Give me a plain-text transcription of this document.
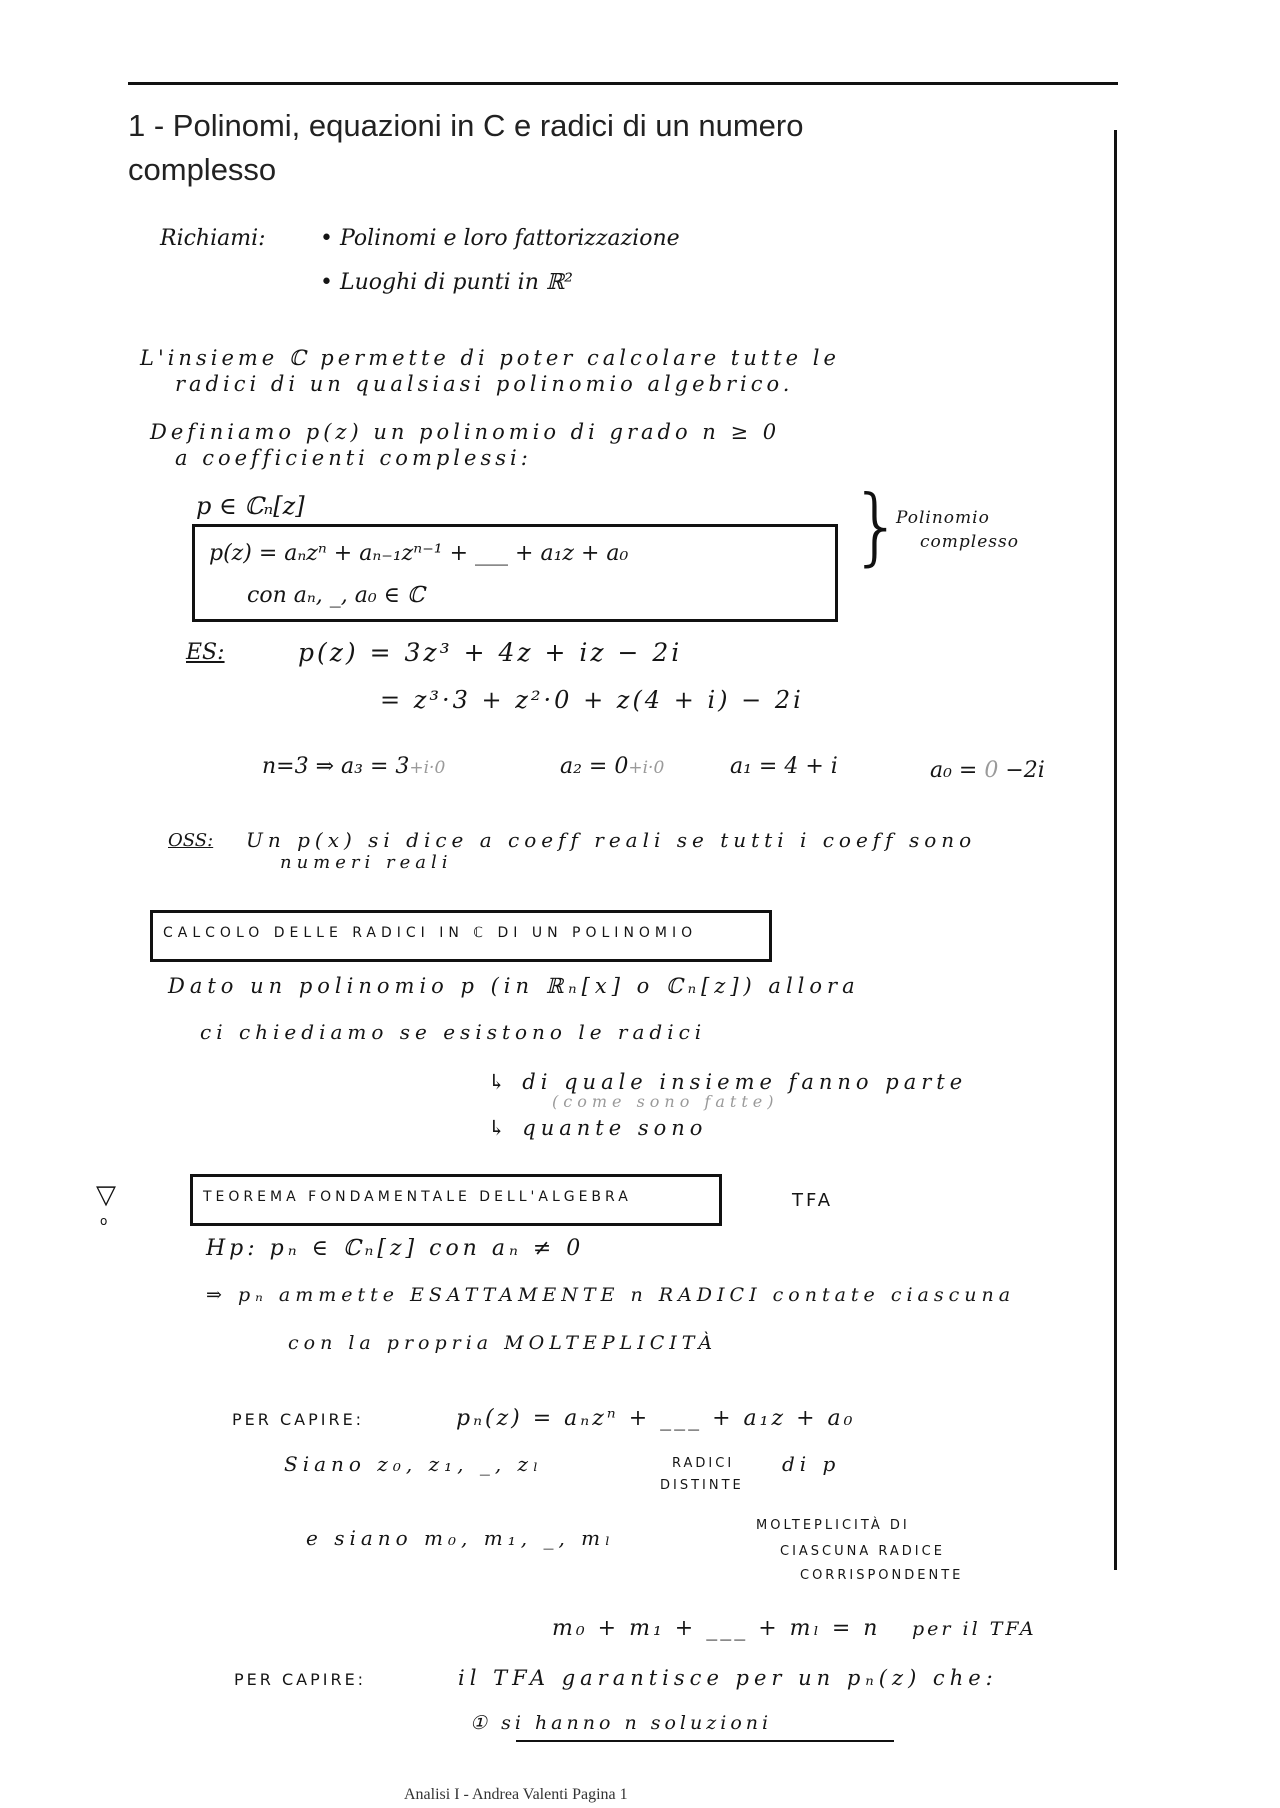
1 - Polinomi, equazioni in C e radici di un numero complesso
Richiami: • Polinomi e loro fattorizzazione
• Luoghi di punti in ℝ²
L'insieme ℂ permette di poter calcolare tutte le
radici di un qualsiasi polinomio algebrico.
Definiamo p(z) un polinomio di grado n ≥ 0
a coefficienti complessi:
p ∈ ℂₙ[z]
p(z) = aₙzⁿ + aₙ₋₁zⁿ⁻¹ + ___ + a₁z + a₀
con aₙ, _, a₀ ∈ ℂ
}
Polinomio
complesso
ES:	p(z) = 3z³ + 4z + iz − 2i
= z³·3 + z²·0 + z(4 + i) − 2i
n=3 ⇒ a₃ = 3+i·0	a₂ = 0+i·0	a₁ = 4 + i	a₀ = 0 −2i
OSS: Un p(x) si dice a coeff reali se tutti i coeff sono
numeri reali
CALCOLO DELLE RADICI IN ℂ DI UN POLINOMIO
Dato un polinomio p (in ℝₙ[x] o ℂₙ[z]) allora
ci chiediamo se esistono le radici
↳ di quale insieme fanno parte
(come sono fatte)
↳ quante sono
▽
o
TEOREMA FONDAMENTALE DELL'ALGEBRA	TFA
Hp: pₙ ∈ ℂₙ[z] con aₙ ≠ 0
⇒ pₙ ammette ESATTAMENTE n RADICI contate ciascuna
con la propria MOLTEPLICITÀ
PER CAPIRE:	pₙ(z) = aₙzⁿ + ___ + a₁z + a₀
Siano z₀, z₁, _, zₗ	RADICI
DISTINTE
di p
e siano m₀, m₁, _, mₗ
MOLTEPLICITÀ DI
CIASCUNA RADICE
CORRISPONDENTE
m₀ + m₁ + ___ + mₗ = n per il TFA
PER CAPIRE:	il TFA garantisce per un pₙ(z) che:
① si hanno n soluzioni
Analisi I - Andrea Valenti Pagina 1
